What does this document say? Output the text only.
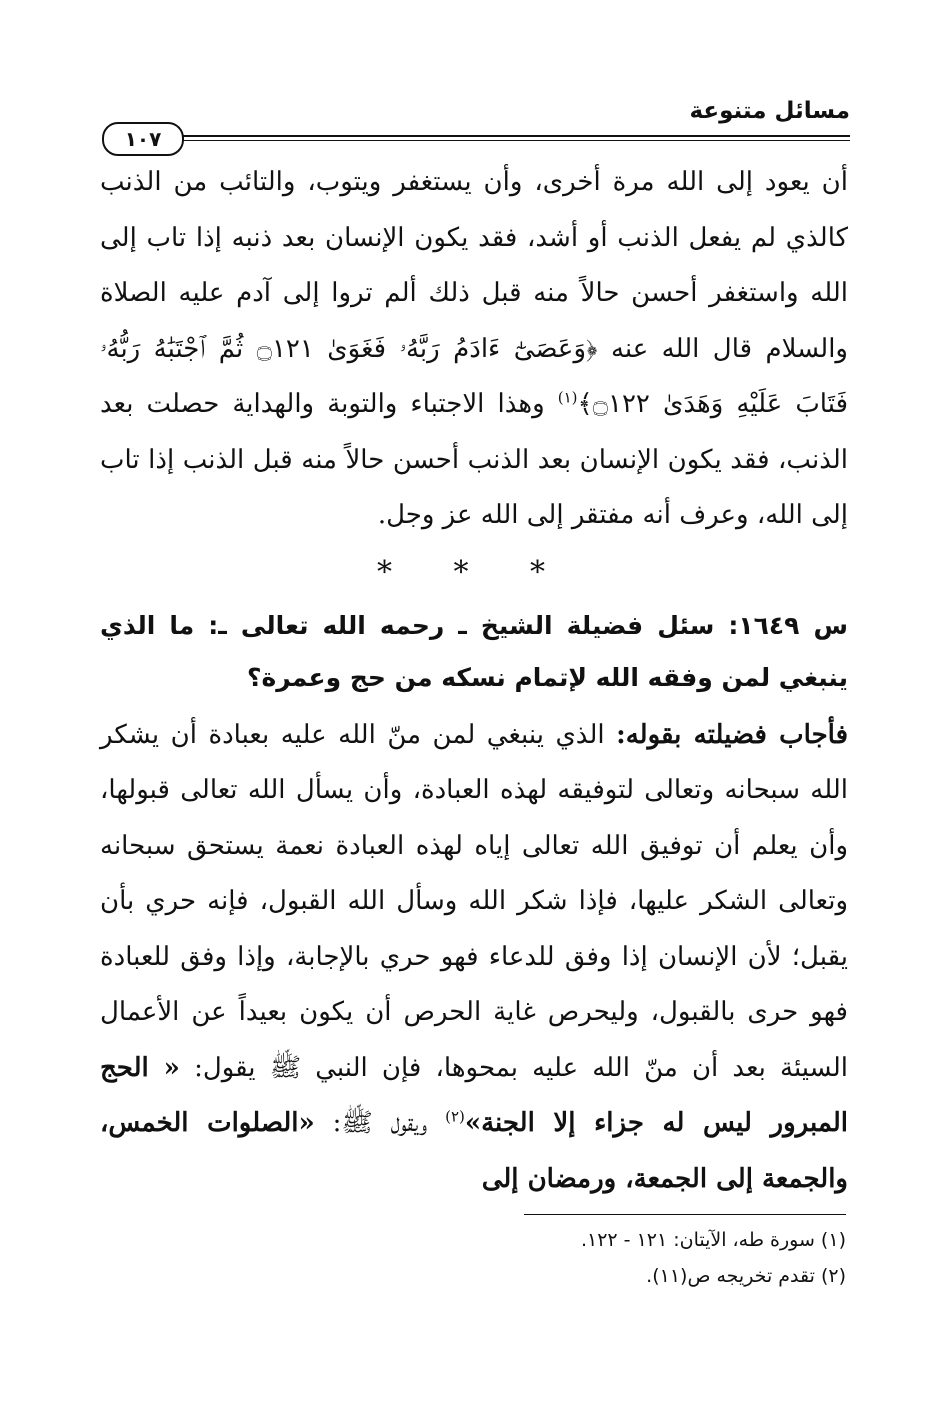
مسائل متنوعة
١٠٧

أن يعود إلى الله مرة أخرى، وأن يستغفر ويتوب، والتائب من الذنب كالذي لم يفعل الذنب أو أشد، فقد يكون الإنسان بعد ذنبه إذا تاب إلى الله واستغفر أحسن حالاً منه قبل ذلك ألم تروا إلى آدم عليه الصلاة والسلام قال الله عنه ﴿وَعَصَىٰٓ ءَادَمُ رَبَّهُۥ فَغَوَىٰ ۝١٢١ ثُمَّ ٱجْتَبَٰهُ رَبُّهُۥ فَتَابَ عَلَيْهِ وَهَدَىٰ ۝١٢٢﴾$^{(١)}$ وهذا الاجتباء والتوبة والهداية حصلت بعد الذنب، فقد يكون الإنسان بعد الذنب أحسن حالاً منه قبل الذنب إذا تاب إلى الله، وعرف أنه مفتقر إلى الله عز وجل.

* * *

س ١٦٤٩: سئل فضيلة الشيخ ـ رحمه الله تعالى ـ: ما الذي ينبغي لمن وفقه الله لإتمام نسكه من حج وعمرة؟

فأجاب فضيلته بقوله: الذي ينبغي لمن منّ الله عليه بعبادة أن يشكر الله سبحانه وتعالى لتوفيقه لهذه العبادة، وأن يسأل الله تعالى قبولها، وأن يعلم أن توفيق الله تعالى إياه لهذه العبادة نعمة يستحق سبحانه وتعالى الشكر عليها، فإذا شكر الله وسأل الله القبول، فإنه حري بأن يقبل؛ لأن الإنسان إذا وفق للدعاء فهو حري بالإجابة، وإذا وفق للعبادة فهو حرى بالقبول، وليحرص غاية الحرص أن يكون بعيداً عن الأعمال السيئة بعد أن منّ الله عليه بمحوها، فإن النبي ﷺ يقول: « الحج المبرور ليس له جزاء إلا الجنة»$^{(٢)}$ ويقول ﷺ: «الصلوات الخمس، والجمعة إلى الجمعة، ورمضان إلى

(١) سورة طه، الآيتان: ١٢١ - ١٢٢.
(٢) تقدم تخريجه ص(١١).
